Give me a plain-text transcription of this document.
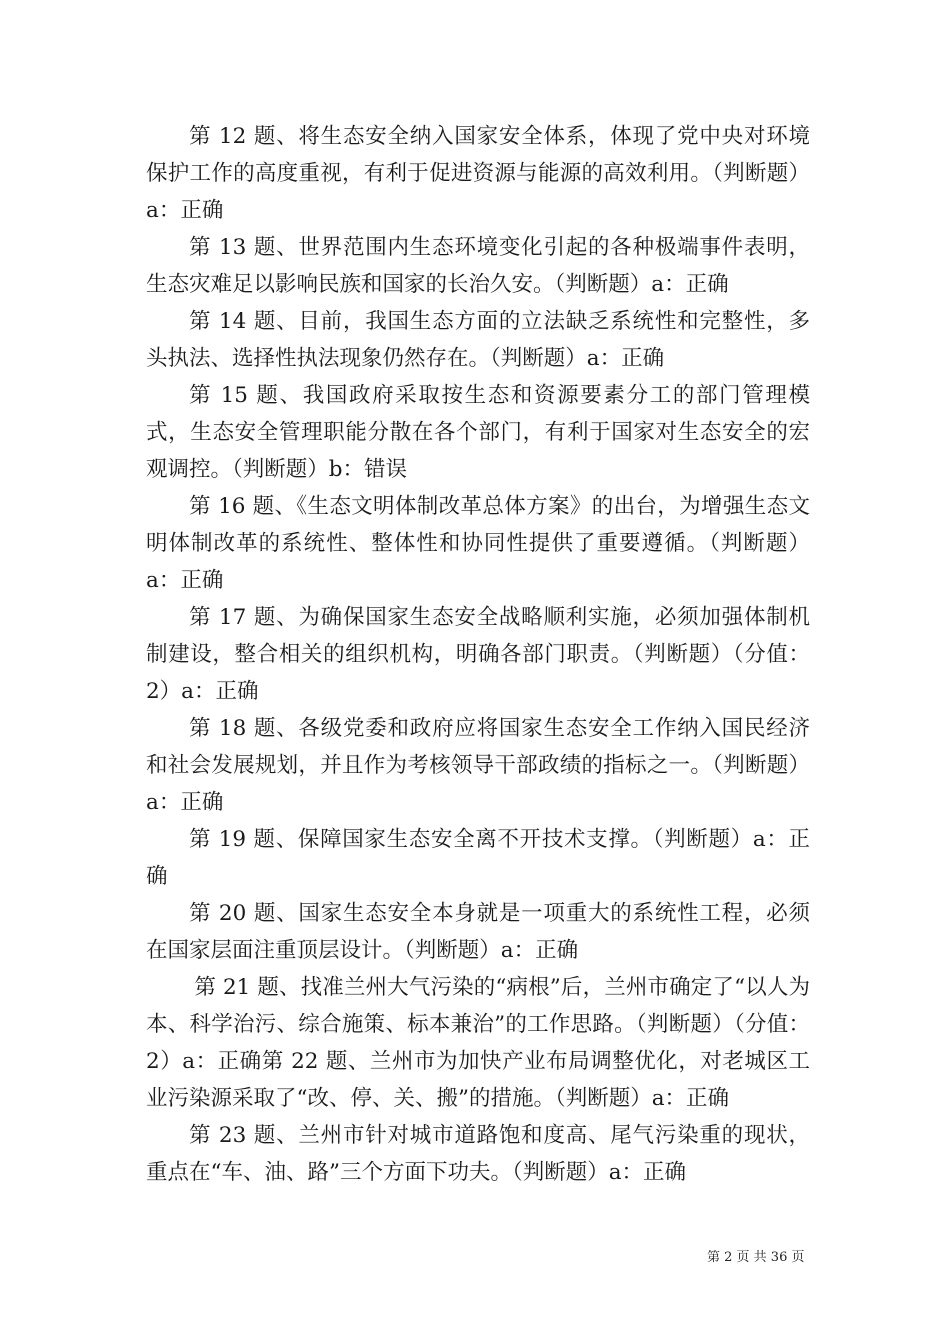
第 12 题、将生态安全纳入国家安全体系，体现了党中央对环境保护工作的高度重视，有利于促进资源与能源的高效利用。（判断题）a：正确

第 13 题、世界范围内生态环境变化引起的各种极端事件表明，生态灾难足以影响民族和国家的长治久安。（判断题）a：正确

第 14 题、目前，我国生态方面的立法缺乏系统性和完整性，多头执法、选择性执法现象仍然存在。（判断题）a：正确

第 15 题、我国政府采取按生态和资源要素分工的部门管理模式，生态安全管理职能分散在各个部门，有利于国家对生态安全的宏观调控。（判断题）b：错误

第 16 题、《生态文明体制改革总体方案》的出台，为增强生态文明体制改革的系统性、整体性和协同性提供了重要遵循。（判断题）a：正确

第 17 题、为确保国家生态安全战略顺利实施，必须加强体制机制建设，整合相关的组织机构，明确各部门职责。（判断题）（分值：2）a：正确

第 18 题、各级党委和政府应将国家生态安全工作纳入国民经济和社会发展规划，并且作为考核领导干部政绩的指标之一。（判断题）a：正确

第 19 题、保障国家生态安全离不开技术支撑。（判断题）a：正确

第 20 题、国家生态安全本身就是一项重大的系统性工程，必须在国家层面注重顶层设计。（判断题）a：正确

第 21 题、找准兰州大气污染的“病根”后，兰州市确定了“以人为本、科学治污、综合施策、标本兼治”的工作思路。（判断题）（分值：2）a：正确第 22 题、兰州市为加快产业布局调整优化，对老城区工业污染源采取了“改、停、关、搬”的措施。（判断题）a：正确

第 23 题、兰州市针对城市道路饱和度高、尾气污染重的现状，重点在“车、油、路”三个方面下功夫。（判断题）a：正确

第 2 页 共 36 页
